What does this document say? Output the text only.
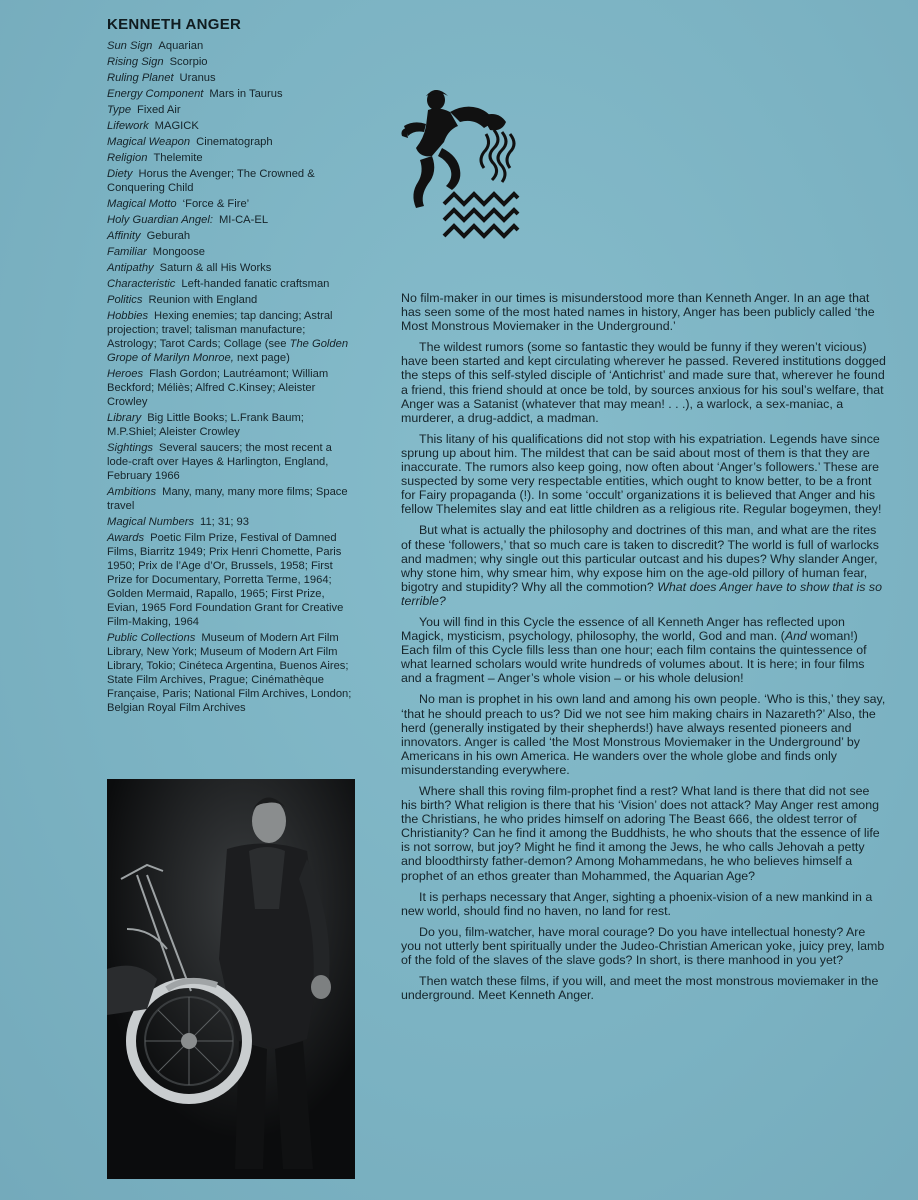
KENNETH ANGER
Sun Sign Aquarian
Rising Sign Scorpio
Ruling Planet Uranus
Energy Component Mars in Taurus
Type Fixed Air
Lifework MAGICK
Magical Weapon Cinematograph
Religion Thelemite
Diety Horus the Avenger; The Crowned & Conquering Child
Magical Motto ‘Force & Fire’
Holy Guardian Angel: MI-CA-EL
Affinity Geburah
Familiar Mongoose
Antipathy Saturn & all His Works
Characteristic Left-handed fanatic craftsman
Politics Reunion with England
Hobbies Hexing enemies; tap dancing; Astral projection; travel; talisman manufacture; Astrology; Tarot Cards; Collage (see The Golden Grope of Marilyn Monroe, next page)
Heroes Flash Gordon; Lautréamont; William Beckford; Méliès; Alfred C.Kinsey; Aleister Crowley
Library Big Little Books; L.Frank Baum; M.P.Shiel; Aleister Crowley
Sightings Several saucers; the most recent a lode-craft over Hayes & Harlington, England, February 1966
Ambitions Many, many, many more films; Space travel
Magical Numbers 11; 31; 93
Awards Poetic Film Prize, Festival of Damned Films, Biarritz 1949; Prix Henri Chomette, Paris 1950; Prix de l’Age d’Or, Brussels, 1958; First Prize for Documentary, Porretta Terme, 1964; Golden Mermaid, Rapallo, 1965; First Prize, Evian, 1965 Ford Foundation Grant for Creative Film-Making, 1964
Public Collections Museum of Modern Art Film Library, New York; Museum of Modern Art Film Library, Tokio; Cinéteca Argentina, Buenos Aires; State Film Archives, Prague; Cinémathèque Française, Paris; National Film Archives, London; Belgian Royal Film Archives

No film-maker in our times is misunderstood more than Kenneth Anger. In an age that has seen some of the most hated names in history, Anger has been publicly called ‘the Most Monstrous Moviemaker in the Underground.’

The wildest rumors (some so fantastic they would be funny if they weren’t vicious) have been started and kept circulating wherever he passed. Revered institutions dogged the steps of this self-styled disciple of ‘Antichrist’ and made sure that, wherever he found a friend, this friend should at once be told, by sources anxious for his soul’s welfare, that Anger was a Satanist (whatever that may mean! . . .), a warlock, a sex-maniac, a murderer, a drug-addict, a madman.

This litany of his qualifications did not stop with his expatriation. Legends have since sprung up about him. The mildest that can be said about most of them is that they are inaccurate. The rumors also keep going, now often about ‘Anger’s followers.’ These are suspected by some very respectable entities, which ought to know better, to be a front for Fairy propaganda (!). In some ‘occult’ organizations it is believed that Anger and his fellow Thelemites slay and eat little children as a religious rite. Regular bogeymen, they!

But what is actually the philosophy and doctrines of this man, and what are the rites of these ‘followers,’ that so much care is taken to discredit? The world is full of warlocks and madmen; why single out this particular outcast and his dupes? Why slander Anger, why stone him, why smear him, why expose him on the age-old pillory of human fear, bigotry and stupidity? Why all the commotion? What does Anger have to show that is so terrible?

You will find in this Cycle the essence of all Kenneth Anger has reflected upon Magick, mysticism, psychology, philosophy, the world, God and man. (And woman!) Each film of this Cycle fills less than one hour; each film contains the quintessence of what learned scholars would write hundreds of volumes about. It is here; in four films and a fragment – Anger’s whole vision – or his whole delusion!

No man is prophet in his own land and among his own people. ‘Who is this,’ they say, ‘that he should preach to us? Did we not see him making chairs in Nazareth?’ Also, the herd (generally instigated by their shepherds!) have always resented pioneers and innovators. Anger is called ‘the Most Monstrous Moviemaker in the Underground’ by Americans in his own America. He wanders over the whole globe and finds only misunderstanding everywhere.

Where shall this roving film-prophet find a rest? What land is there that did not see his birth? What religion is there that his ‘Vision’ does not attack? May Anger rest among the Christians, he who prides himself on adoring The Beast 666, the oldest terror of Christianity? Can he find it among the Buddhists, he who shouts that the essence of life is not sorrow, but joy? Might he find it among the Jews, he who calls Jehovah a petty and bloodthirsty father-demon? Among Mohammedans, he who believes himself a prophet of an ethos greater than Mohammed, the Aquarian Age?

It is perhaps necessary that Anger, sighting a phoenix-vision of a new mankind in a new world, should find no haven, no land for rest.

Do you, film-watcher, have moral courage? Do you have intellectual honesty? Are you not utterly bent spiritually under the Judeo-Christian American yoke, juicy prey, lamb of the fold of the slaves of the slave gods? In short, is there manhood in you yet?

Then watch these films, if you will, and meet the most monstrous moviemaker in the underground. Meet Kenneth Anger.
